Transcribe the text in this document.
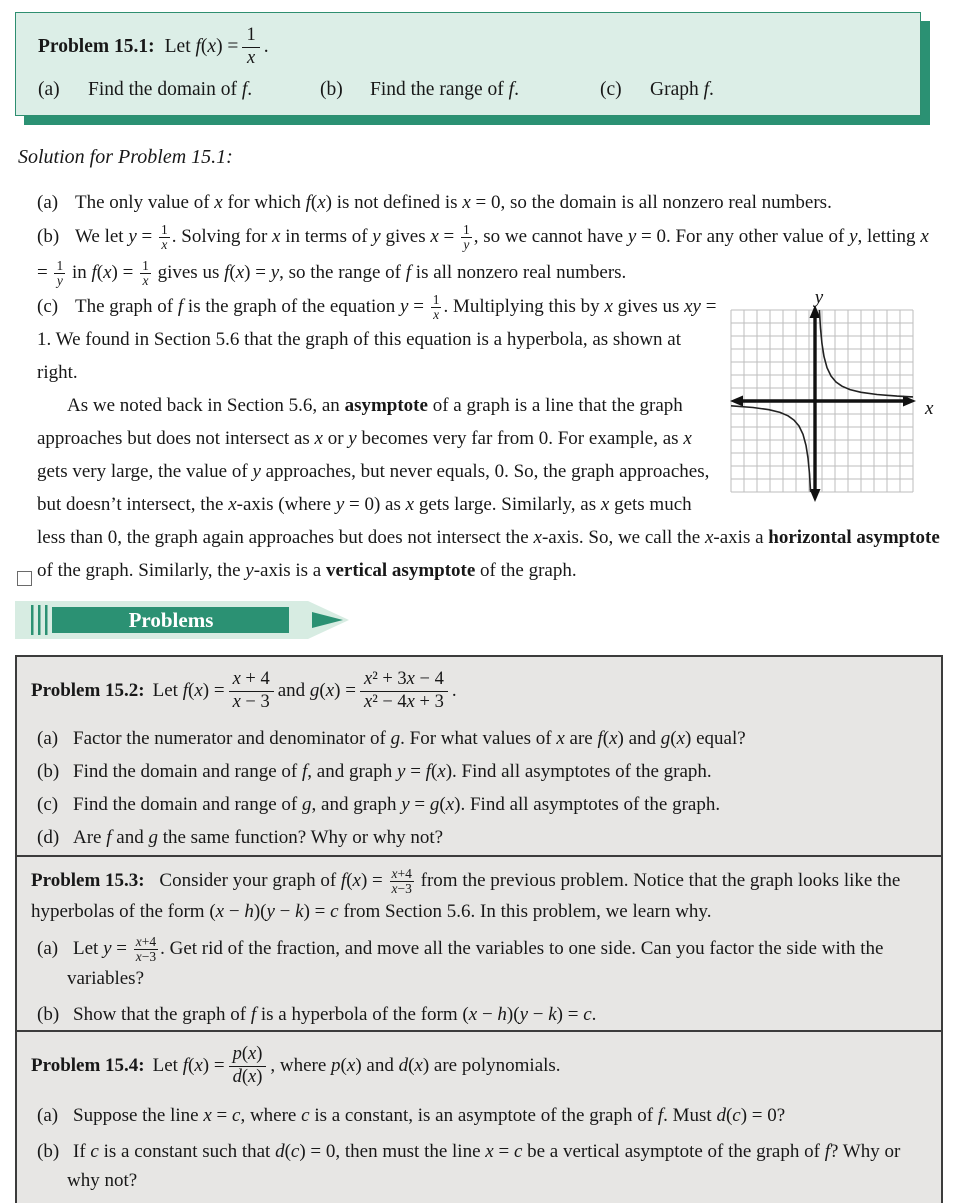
Problem 15.1: Let $f(x) = \frac{1}{x}$ .
(a)	Find the domain of f.	(b)	Find the range of f.	(c)	Graph f.
Solution for Problem 15.1:
(a) The only value of x for which f(x) is not defined is x = 0, so the domain is all nonzero real numbers.
(b) We let $y = \frac{1}{x}$ . Solving for x in terms of y gives $x = \frac{1}{y}$ , so we cannot have y = 0. For any other value of y, letting $x = \frac{1}{y}$ in $f(x) = \frac{1}{x}$ gives us f(x) = y, so the range of f is all nonzero real numbers.
y
x

(c) The graph of f is the graph of the equation $y = \frac{1}{x}$ . Multiplying this by x gives us xy = 1. We found in Section 5.6 that the graph of this equation is a hyperbola, as shown at right.

As we noted back in Section 5.6, an asymptote of a graph is a line that the graph approaches but does not intersect as x or y becomes very far from 0. For example, as x gets very large, the value of y approaches, but never equals, 0. So, the graph approaches, but doesn’t intersect, the x-axis (where y = 0) as x gets large. Similarly, as x gets much less than 0, the graph again approaches but does not intersect the x-axis. So, we call the x-axis a horizontal asymptote of the graph. Similarly, the y-axis is a vertical asymptote of the graph.

Problems
Problem 15.2: Let $f(x) = \frac{x + 4}{x - 3}$ and $g(x) = \frac{\text{x² + 3x − 4}}{\text{x² − 4x + 3}}$ .
(a) Factor the numerator and denominator of g. For what values of x are f(x) and g(x) equal?
(b) Find the domain and range of f, and graph y = f(x). Find all asymptotes of the graph.
(c) Find the domain and range of g, and graph y = g(x). Find all asymptotes of the graph.
(d) Are f and g the same function? Why or why not?

Problem 15.3: Consider your graph of $f(x) = \frac{x+4}{x-3}$ from the previous problem. Notice that the graph looks like the hyperbolas of the form (x − h)(y − k) = c from Section 5.6. In this problem, we learn why.

(a) Let $y = \frac{x+4}{x-3}$ . Get rid of the fraction, and move all the variables to one side. Can you factor the side with the variables?
(b) Show that the graph of f is a hyperbola of the form (x − h)(y − k) = c.
Problem 15.4: Let $f(x) = \frac{p(x)}{d(x)}$ , where p(x) and d(x) are polynomials.
(a) Suppose the line x = c, where c is a constant, is an asymptote of the graph of f. Must d(c) = 0?
(b) If c is a constant such that d(c) = 0, then must the line x = c be a vertical asymptote of the graph of f? Why or why not?
